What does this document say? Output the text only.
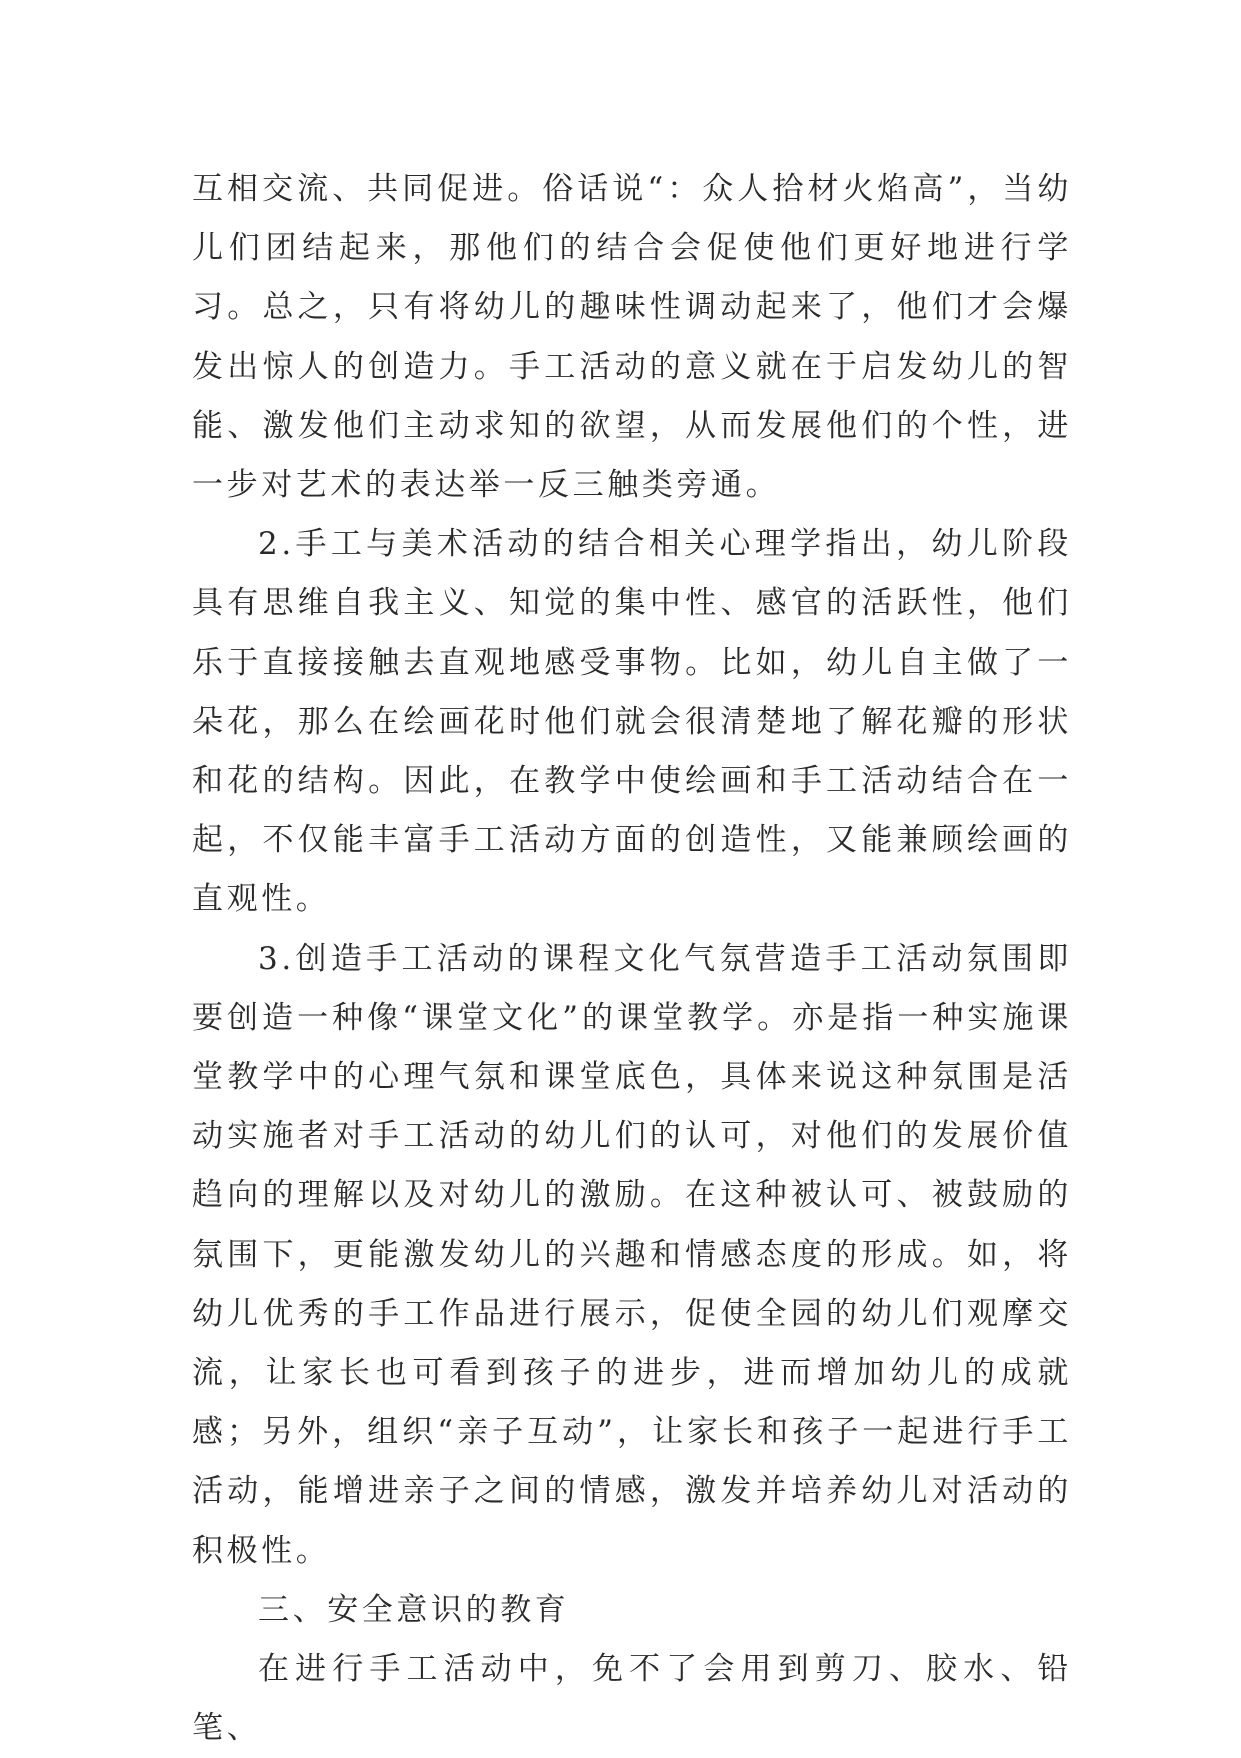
互相交流、共同促进。俗话说“：众人拾材火焰高”，当幼儿们团结起来，那他们的结合会促使他们更好地进行学习。总之，只有将幼儿的趣味性调动起来了，他们才会爆发出惊人的创造力。手工活动的意义就在于启发幼儿的智能、激发他们主动求知的欲望，从而发展他们的个性，进一步对艺术的表达举一反三触类旁通。

2.手工与美术活动的结合相关心理学指出，幼儿阶段具有思维自我主义、知觉的集中性、感官的活跃性，他们乐于直接接触去直观地感受事物。比如，幼儿自主做了一朵花，那么在绘画花时他们就会很清楚地了解花瓣的形状和花的结构。因此，在教学中使绘画和手工活动结合在一起，不仅能丰富手工活动方面的创造性，又能兼顾绘画的直观性。

3.创造手工活动的课程文化气氛营造手工活动氛围即要创造一种像“课堂文化”的课堂教学。亦是指一种实施课堂教学中的心理气氛和课堂底色，具体来说这种氛围是活动实施者对手工活动的幼儿们的认可，对他们的发展价值趋向的理解以及对幼儿的激励。在这种被认可、被鼓励的氛围下，更能激发幼儿的兴趣和情感态度的形成。如，将幼儿优秀的手工作品进行展示，促使全园的幼儿们观摩交流，让家长也可看到孩子的进步，进而增加幼儿的成就感；另外，组织“亲子互动”，让家长和孩子一起进行手工活动，能增进亲子之间的情感，激发并培养幼儿对活动的积极性。

三、安全意识的教育

在进行手工活动中，免不了会用到剪刀、胶水、铅笔、
